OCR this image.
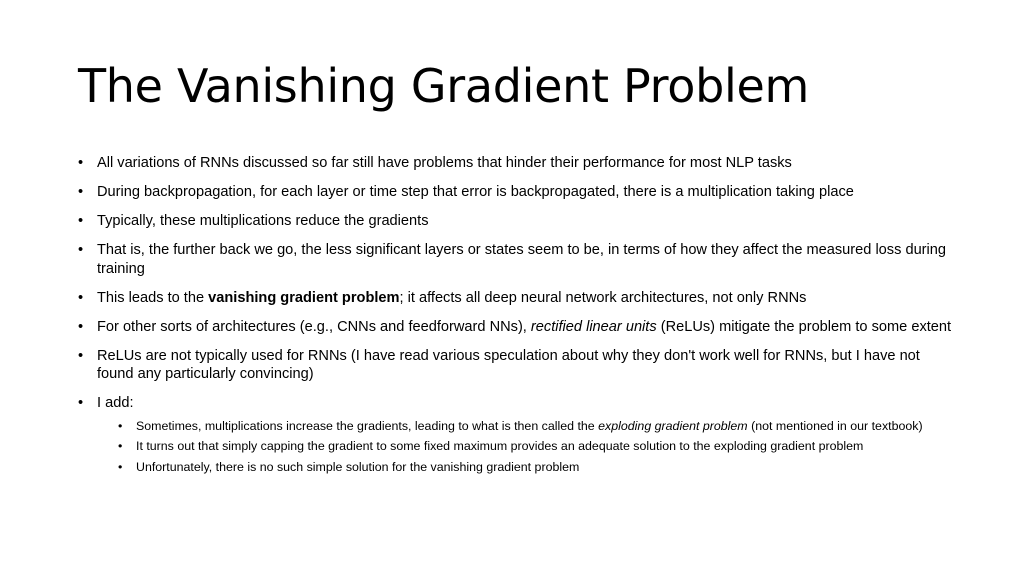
The Vanishing Gradient Problem
• All variations of RNNs discussed so far still have problems that hinder their performance for most NLP tasks
• During backpropagation, for each layer or time step that error is backpropagated, there is a multiplication taking place
• Typically, these multiplications reduce the gradients
• That is, the further back we go, the less significant layers or states seem to be, in terms of how they affect the measured loss during training
• This leads to the vanishing gradient problem; it affects all deep neural network architectures, not only RNNs
• For other sorts of architectures (e.g., CNNs and feedforward NNs), rectified linear units (ReLUs) mitigate the problem to some extent
• ReLUs are not typically used for RNNs (I have read various speculation about why they don't work well for RNNs, but I have not found any particularly convincing)
• I add:
• Sometimes, multiplications increase the gradients, leading to what is then called the exploding gradient problem (not mentioned in our textbook)
• It turns out that simply capping the gradient to some fixed maximum provides an adequate solution to the exploding gradient problem
• Unfortunately, there is no such simple solution for the vanishing gradient problem
